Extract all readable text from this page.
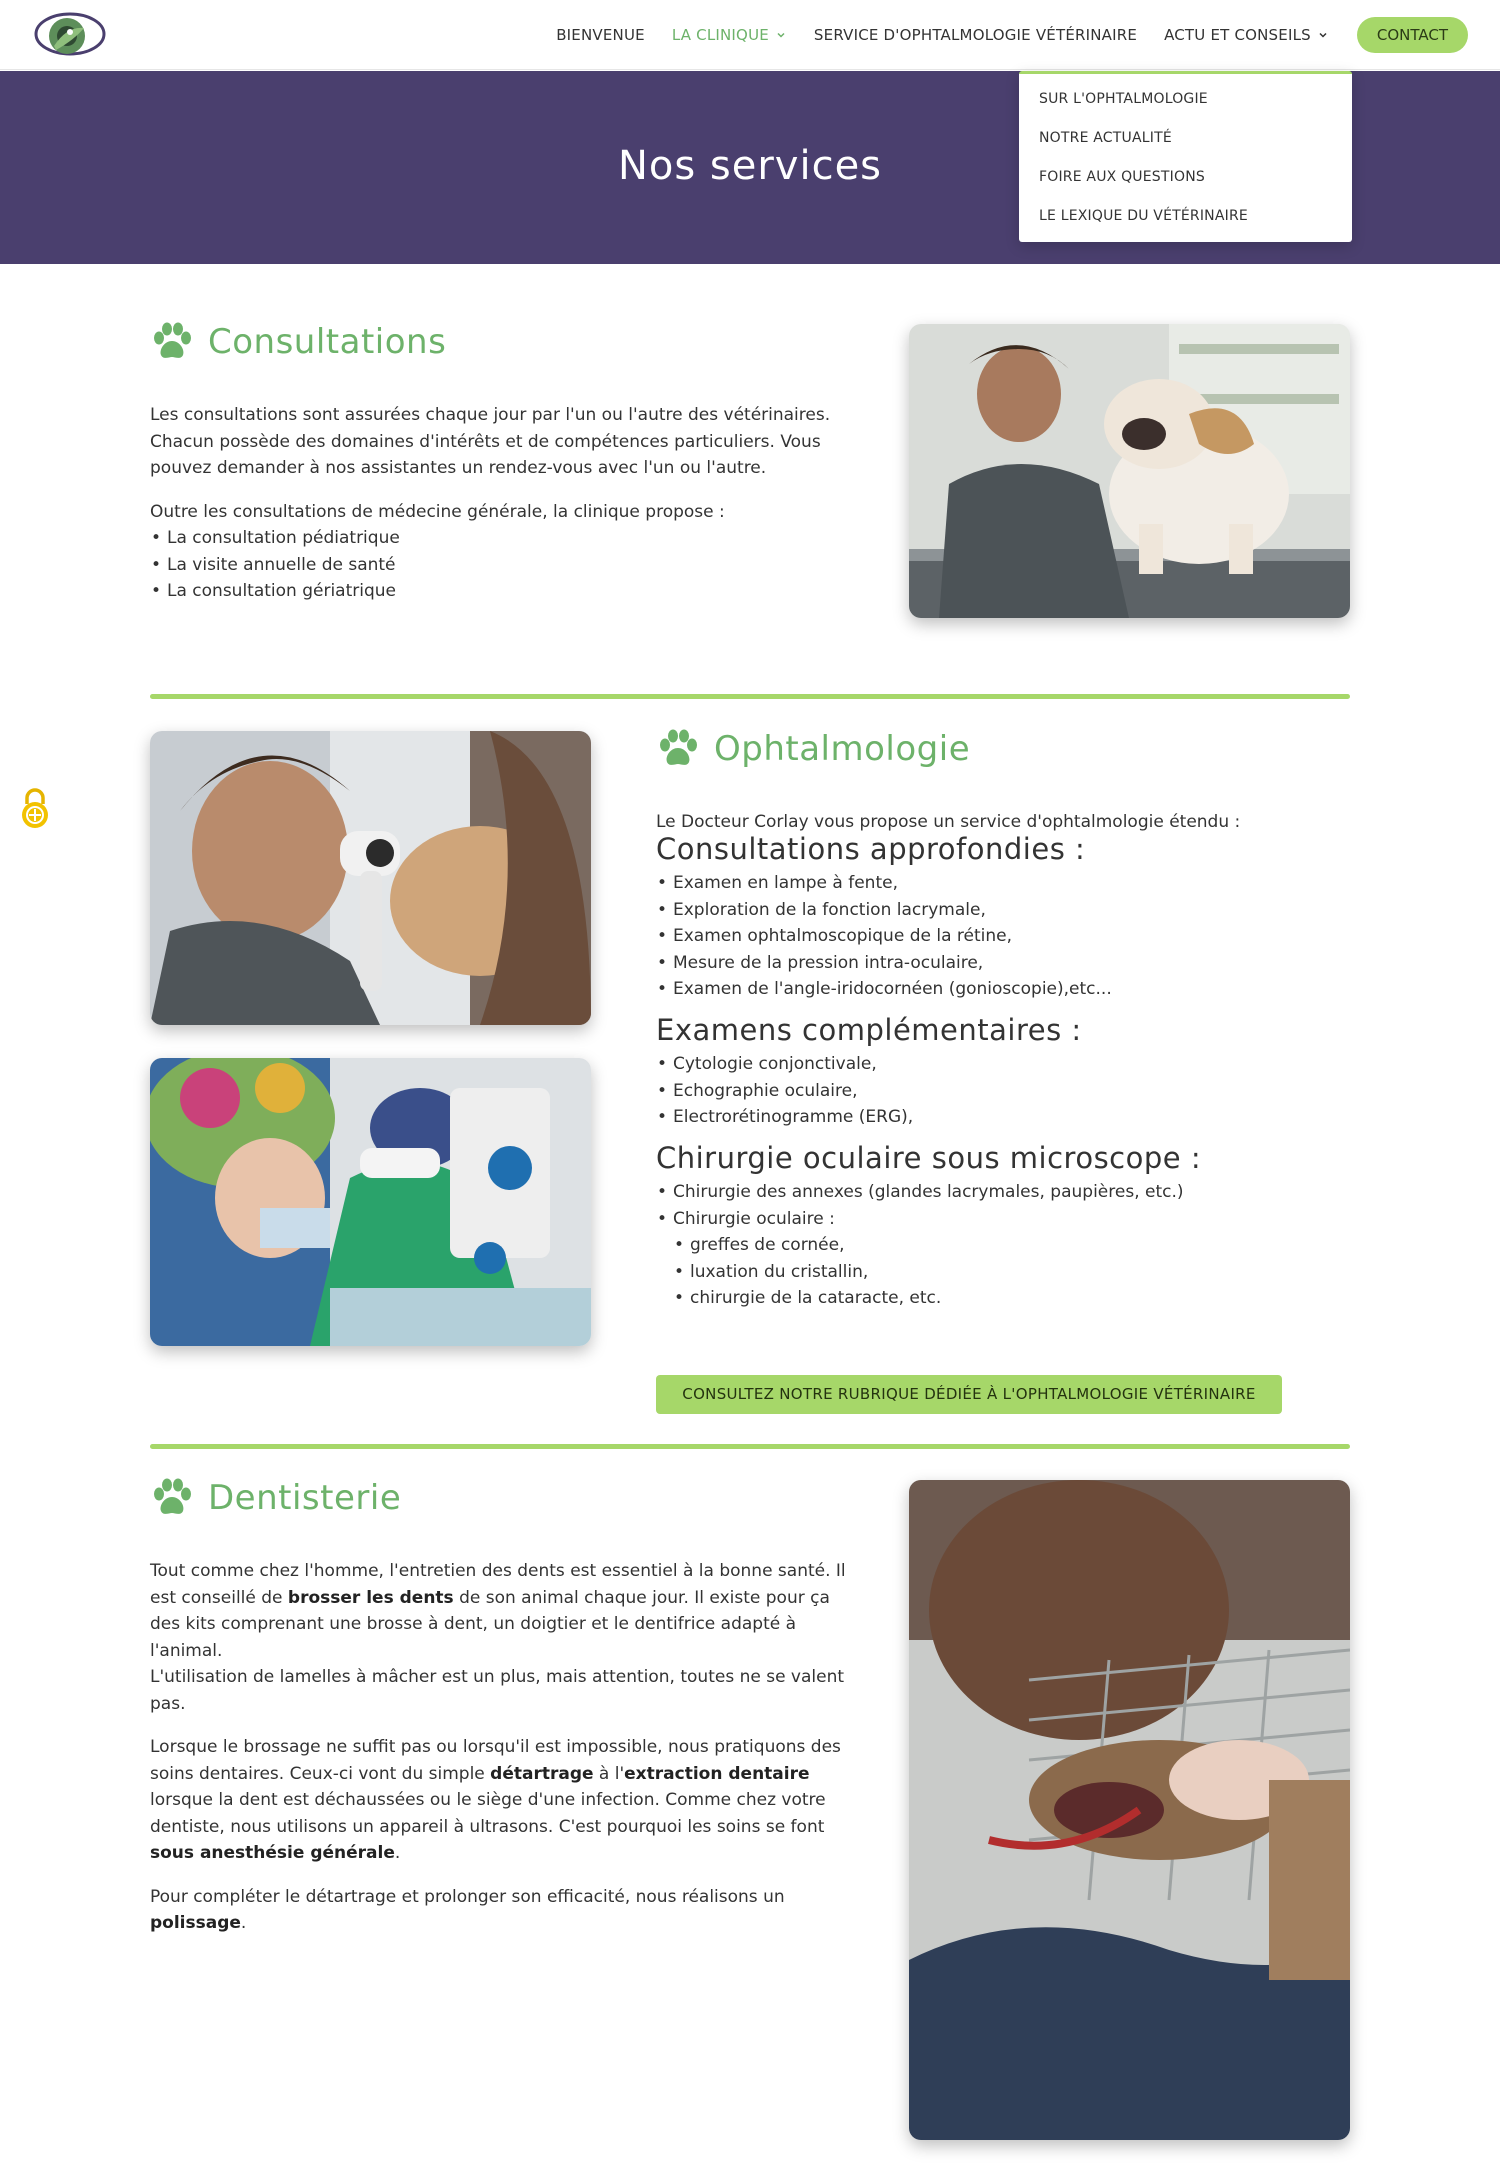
BIENVENUE LA CLINIQUE	SERVICE D'OPHTALMOLOGIE VÉTÉRINAIRE ACTU ET CONSEILS	CONTACT
Nos services
SUR L'OPHTALMOLOGIE
NOTRE ACTUALITÉ
FOIRE AUX QUESTIONS
LE LEXIQUE DU VÉTÉRINAIRE
Consultations

Les consultations sont assurées chaque jour par l'un ou l'autre des vétérinaires. Chacun possède des domaines d'intérêts et de compétences particuliers. Vous pouvez demander à nos assistantes un rendez-vous avec l'un ou l'autre.

Outre les consultations de médecine générale, la clinique propose :

• La consultation pédiatrique
• La visite annuelle de santé
• La consultation gériatrique
Ophtalmologie
Le Docteur Corlay vous propose un service d'ophtalmologie étendu :
Consultations approfondies :
• Examen en lampe à fente,
• Exploration de la fonction lacrymale,
• Examen ophtalmoscopique de la rétine,
• Mesure de la pression intra-oculaire,
• Examen de l'angle-iridocornéen (gonioscopie),etc...
Examens complémentaires :
• Cytologie conjonctivale,
• Echographie oculaire,
• Electrorétinogramme (ERG),
Chirurgie oculaire sous microscope :
• Chirurgie des annexes (glandes lacrymales, paupières, etc.)
• Chirurgie oculaire :
• greffes de cornée,
• luxation du cristallin,
• chirurgie de la cataracte, etc.
CONSULTEZ NOTRE RUBRIQUE DÉDIÉE À L'OPHTALMOLOGIE VÉTÉRINAIRE
Dentisterie

Tout comme chez l'homme, l'entretien des dents est essentiel à la bonne santé. Il est conseillé de brosser les dents de son animal chaque jour. Il existe pour ça des kits comprenant une brosse à dent, un doigtier et le dentifrice adapté à l'animal.
L'utilisation de lamelles à mâcher est un plus, mais attention, toutes ne se valent pas.

Lorsque le brossage ne suffit pas ou lorsqu'il est impossible, nous pratiquons des soins dentaires. Ceux-ci vont du simple détartrage à l'extraction dentaire lorsque la dent est déchaussées ou le siège d'une infection. Comme chez votre dentiste, nous utilisons un appareil à ultrasons. C'est pourquoi les soins se font sous anesthésie générale.

Pour compléter le détartrage et prolonger son efficacité, nous réalisons un polissage.
